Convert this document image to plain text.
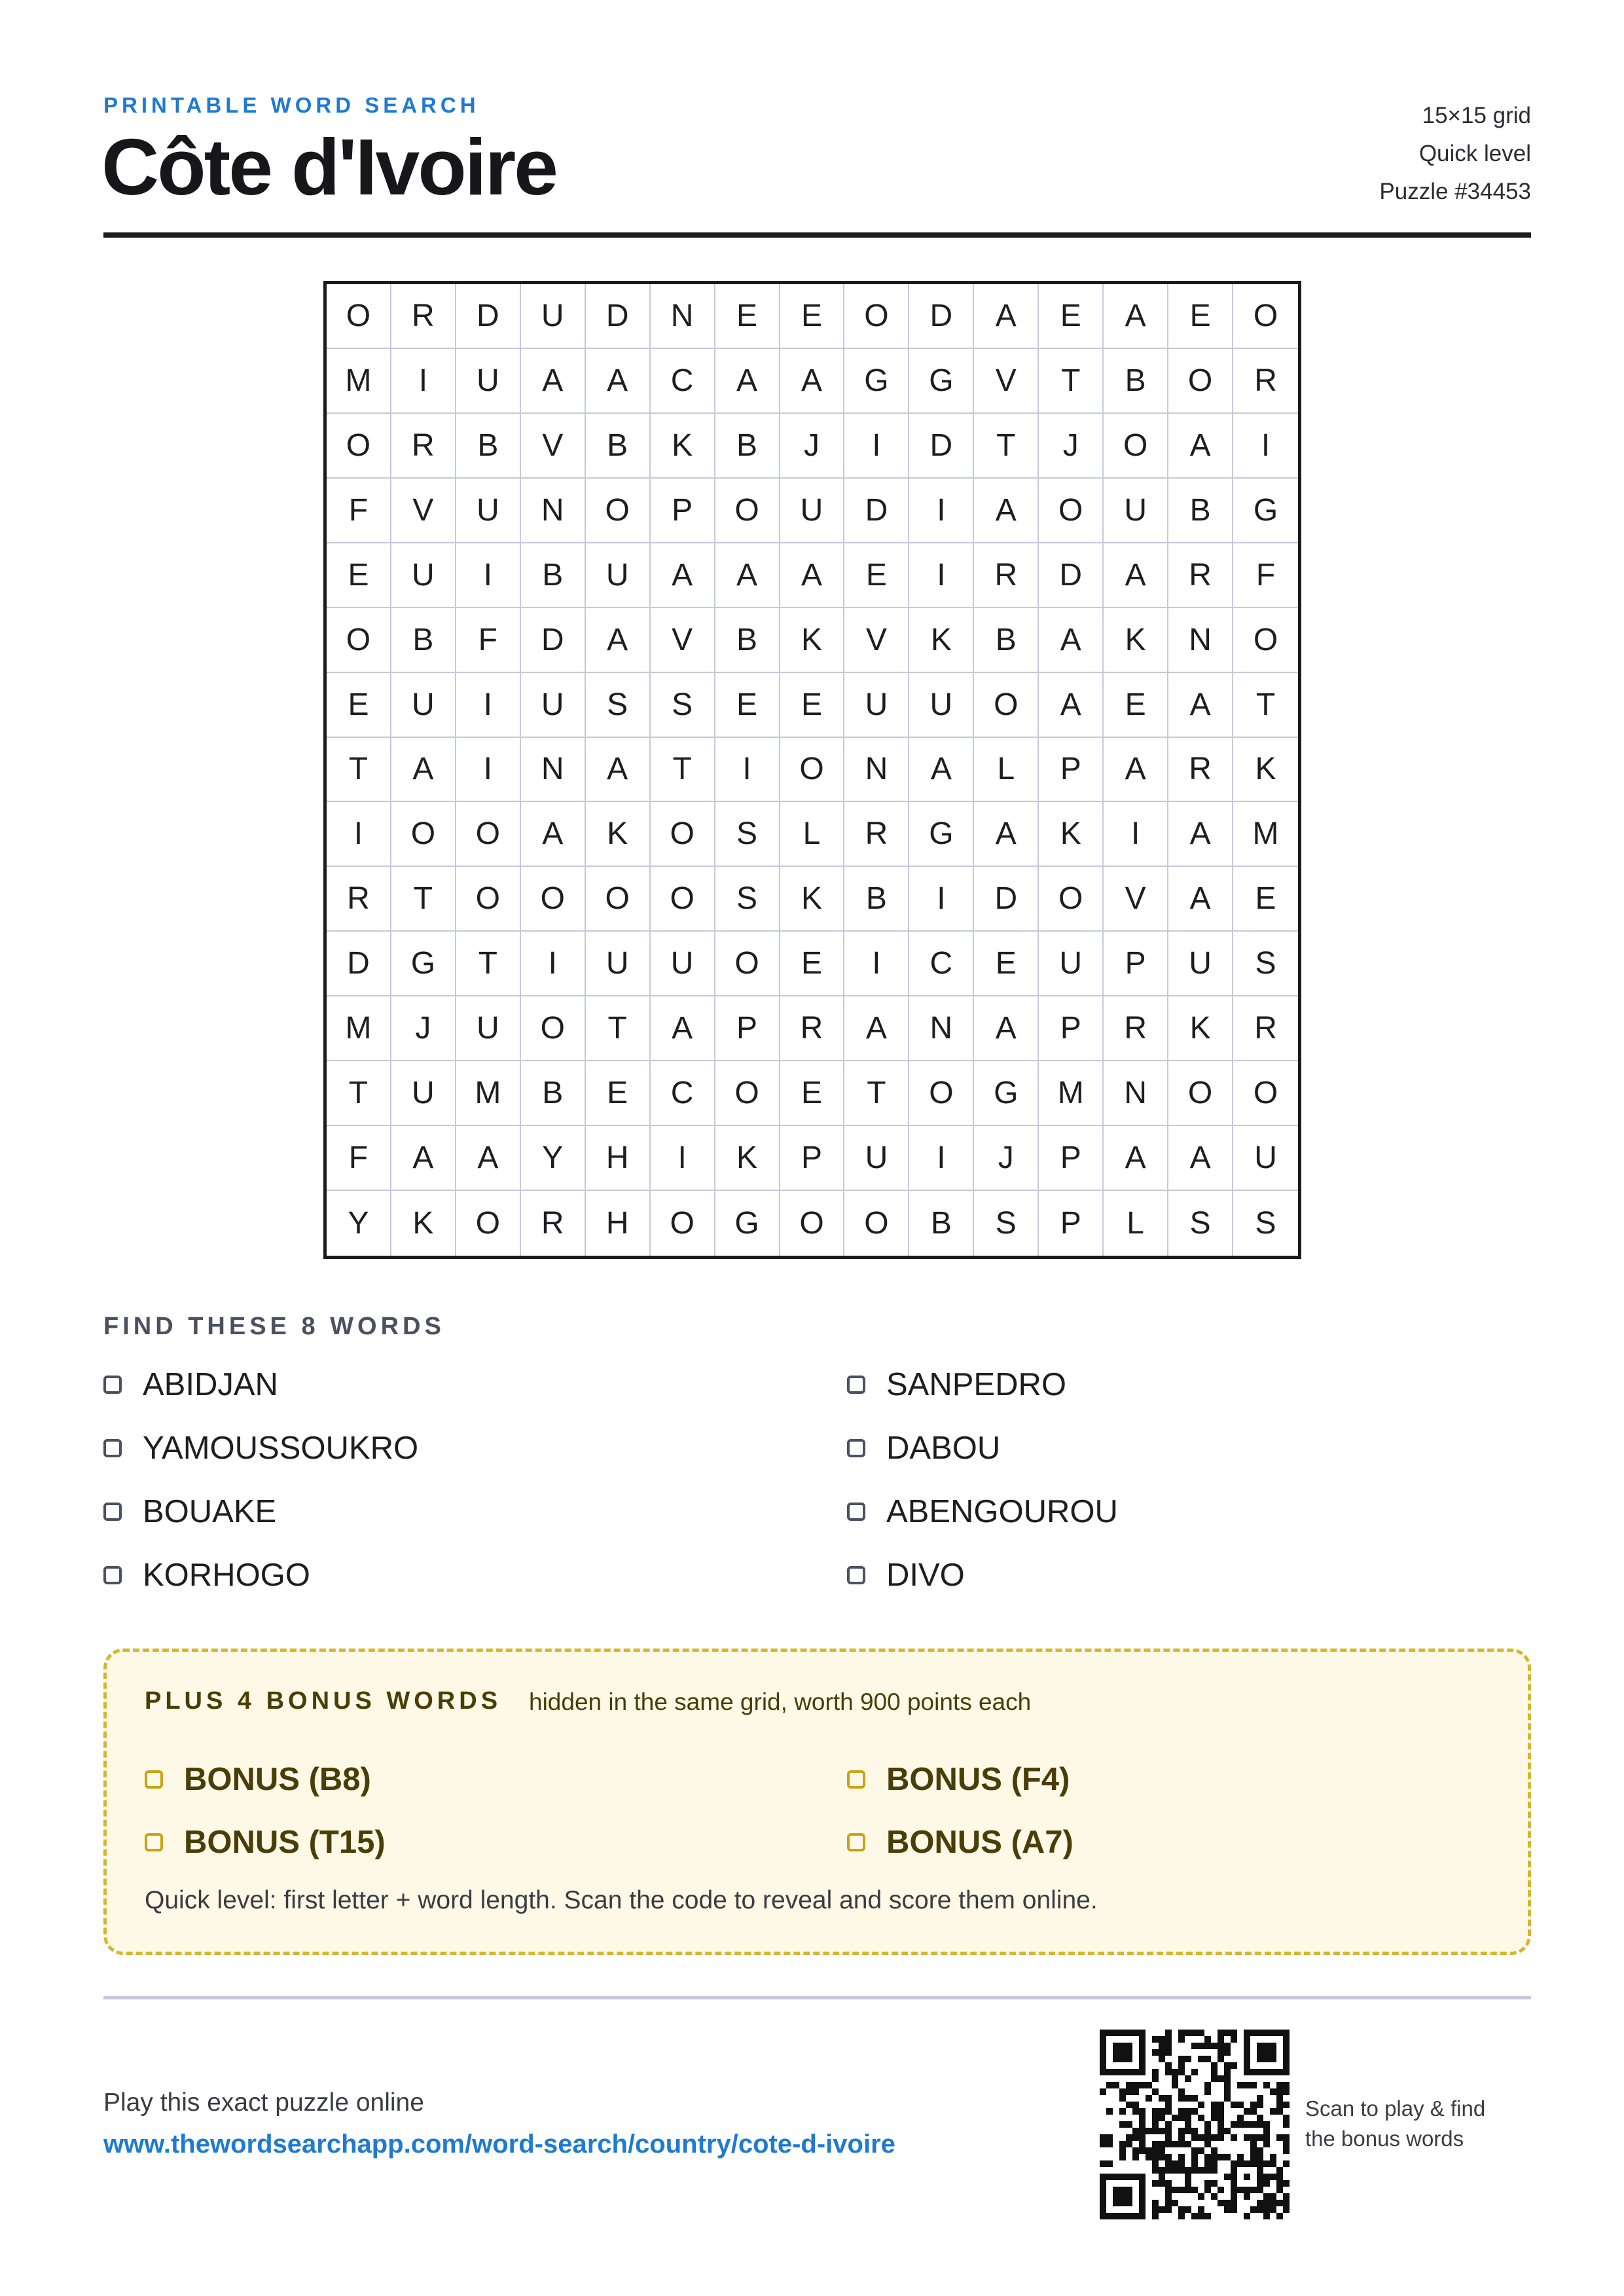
PRINTABLE WORD SEARCH
Côte d'Ivoire
15×15 grid
Quick level
Puzzle #34453
O	R	D	U	D	N	E	E	O	D	A	E	A	E	O
M	I	U	A	A	C	A	A	G	G	V	T	B	O	R
O	R	B	V	B	K	B	J	I	D	T	J	O	A	I
F	V	U	N	O	P	O	U	D	I	A	O	U	B	G
E	U	I	B	U	A	A	A	E	I	R	D	A	R	F
O	B	F	D	A	V	B	K	V	K	B	A	K	N	O
E	U	I	U	S	S	E	E	U	U	O	A	E	A	T
T	A	I	N	A	T	I	O	N	A	L	P	A	R	K
I	O	O	A	K	O	S	L	R	G	A	K	I	A	M
R	T	O	O	O	O	S	K	B	I	D	O	V	A	E
D	G	T	I	U	U	O	E	I	C	E	U	P	U	S
M	J	U	O	T	A	P	R	A	N	A	P	R	K	R
T	U	M	B	E	C	O	E	T	O	G	M	N	O	O
F	A	A	Y	H	I	K	P	U	I	J	P	A	A	U
Y	K	O	R	H	O	G	O	O	B	S	P	L	S	S
FIND THESE 8 WORDS
ABIDJAN
YAMOUSSOUKRO
BOUAKE
KORHOGO
SANPEDRO
DABOU
ABENGOUROU
DIVO
PLUS 4 BONUS WORDS hidden in the same grid, worth 900 points each
BONUS (B8)
BONUS (T15)
BONUS (F4)
BONUS (A7)
Quick level: first letter + word length. Scan the code to reveal and score them online.
Play this exact puzzle online
www.thewordsearchapp.com/word-search/country/cote-d-ivoire
Scan to play & find
the bonus words
